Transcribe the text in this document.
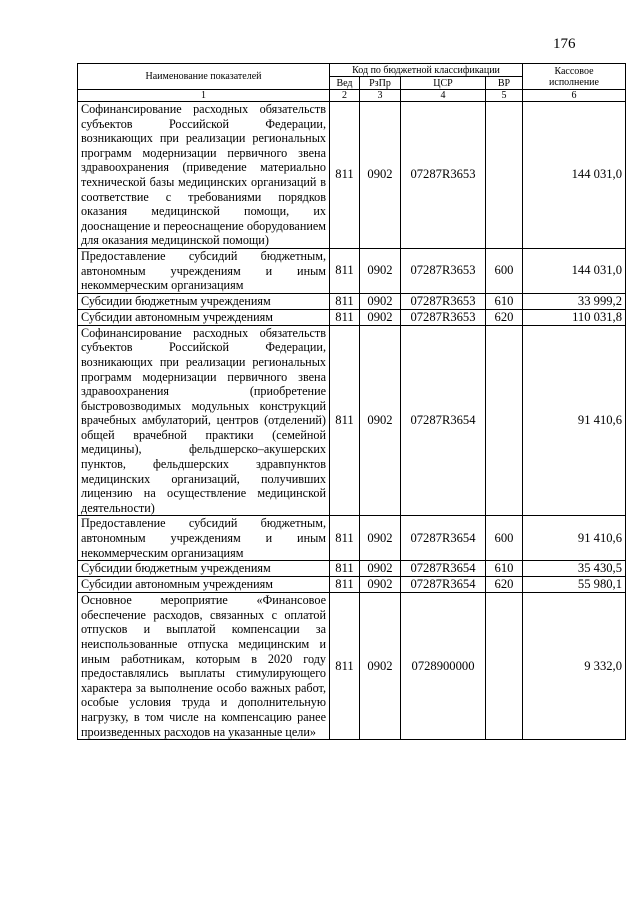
176
Наименование показателей	Код по бюджетной классификации				Кассовое
исполнение
	Вед	РзПр	ЦСР	ВР	
1	2	3	4	5	6
Софинансирование расходных обязательств субъектов Российской Федерации, возникающих при реализации региональных программ модернизации первичного звена здравоохранения (приведение материально технической базы медицинских организаций в соответствие с требованиями порядков оказания медицинской помощи, их дооснащение и переоснащение оборудованием для оказания медицинской помощи)	811	0902	07287R3653		144 031,0
Предоставление субсидий бюджетным, автономным учреждениям и иным некоммерческим организациям	811	0902	07287R3653	600	144 031,0
Субсидии бюджетным учреждениям	811	0902	07287R3653	610	33 999,2
Субсидии автономным учреждениям	811	0902	07287R3653	620	110 031,8
Софинансирование расходных обязательств субъектов Российской Федерации, возникающих при реализации региональных программ модернизации первичного звена здравоохранения (приобретение быстровозводимых модульных конструкций врачебных амбулаторий, центров (отделений) общей врачебной практики (семейной медицины), фельдшерско–акушерских пунктов, фельдшерских здравпунктов медицинских организаций, получивших лицензию на осуществление медицинской деятельности)	811	0902	07287R3654		91 410,6
Предоставление субсидий бюджетным, автономным учреждениям и иным некоммерческим организациям	811	0902	07287R3654	600	91 410,6
Субсидии бюджетным учреждениям	811	0902	07287R3654	610	35 430,5
Субсидии автономным учреждениям	811	0902	07287R3654	620	55 980,1
Основное мероприятие «Финансовое обеспечение расходов, связанных с оплатой отпусков и выплатой компенсации за неиспользованные отпуска медицинским и иным работникам, которым в 2020 году предоставлялись выплаты стимулирующего характера за выполнение особо важных работ, особые условия труда и дополнительную нагрузку, в том числе на компенсацию ранее произведенных расходов на указанные цели»	811	0902	0728900000		9 332,0
